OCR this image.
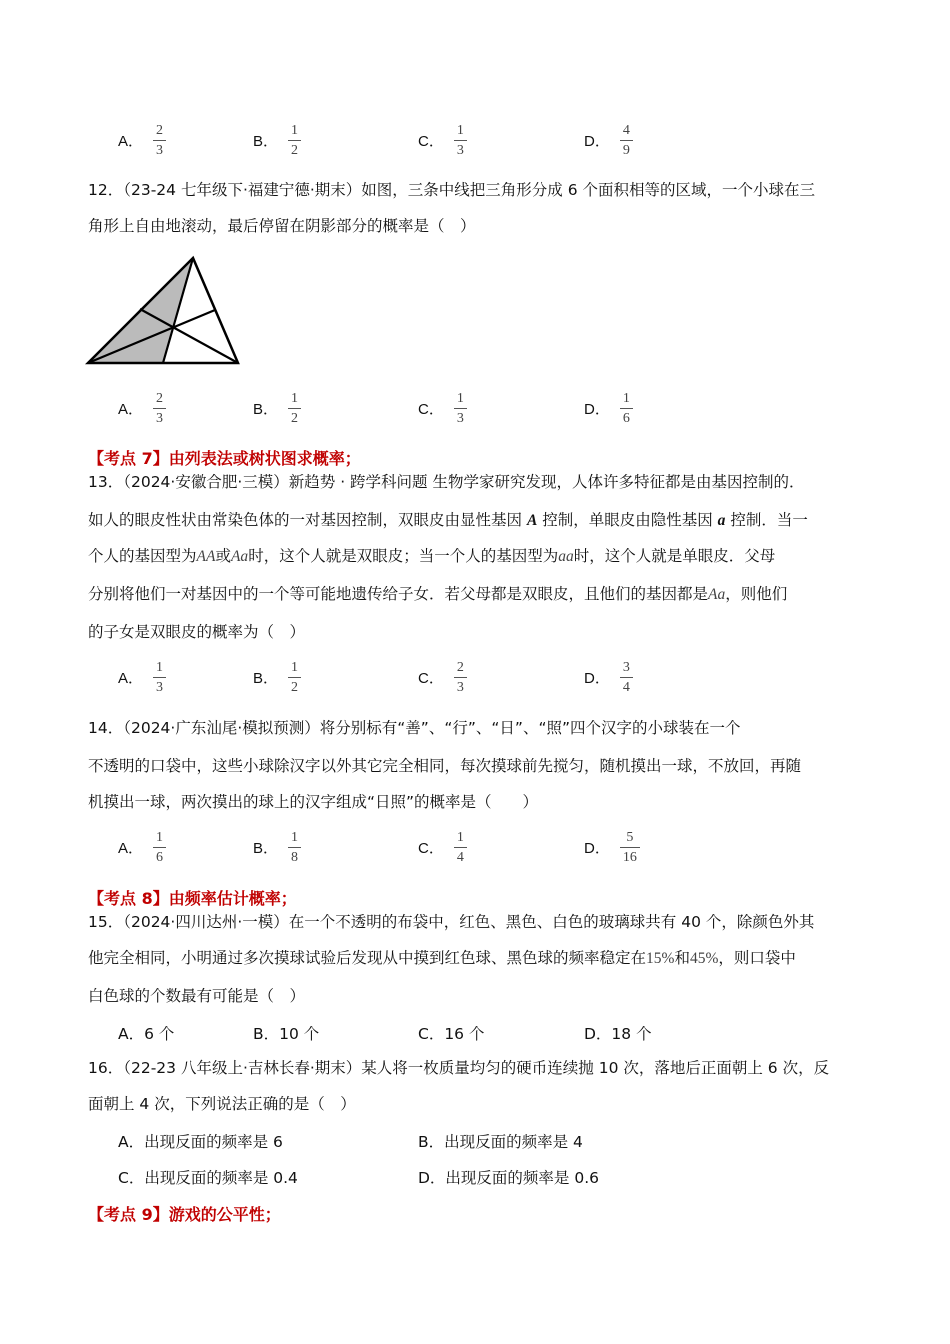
A． $\frac{2}{3}$	B． $\frac{1}{2}$	C． $\frac{1}{3}$	D． $\frac{4}{9}$
12．（23-24 七年级下·福建宁德·期末）如图，三条中线把三角形分成 6 个面积相等的区域，一个小球在三
角形上自由地滚动，最后停留在阴影部分的概率是（　）
A． $\frac{2}{3}$	B． $\frac{1}{2}$	C． $\frac{1}{3}$	D． $\frac{1}{6}$
【考点 7】由列表法或树状图求概率；
13．（2024·安徽合肥·三模）新趋势 · 跨学科问题 生物学家研究发现，人体许多特征都是由基因控制的．
如人的眼皮性状由常染色体的一对基因控制，双眼皮由显性基因 A 控制，单眼皮由隐性基因 a 控制．当一
个人的基因型为AA或Aa时，这个人就是双眼皮；当一个人的基因型为aa时，这个人就是单眼皮．父母
分别将他们一对基因中的一个等可能地遗传给子女．若父母都是双眼皮，且他们的基因都是Aa，则他们
的子女是双眼皮的概率为（　）
A． $\frac{1}{3}$	B． $\frac{1}{2}$	C． $\frac{2}{3}$	D． $\frac{3}{4}$
14．（2024·广东汕尾·模拟预测）将分别标有“善”、“行”、“日”、“照”四个汉字的小球装在一个
不透明的口袋中，这些小球除汉字以外其它完全相同，每次摸球前先搅匀，随机摸出一球，不放回，再随
机摸出一球，两次摸出的球上的汉字组成“日照”的概率是（　　）
A． $\frac{1}{6}$	B． $\frac{1}{8}$	C． $\frac{1}{4}$	D． $\frac{5}{16}$
【考点 8】由频率估计概率；
15．（2024·四川达州·一模）在一个不透明的布袋中，红色、黑色、白色的玻璃球共有 40 个，除颜色外其
他完全相同，小明通过多次摸球试验后发现从中摸到红色球、黑色球的频率稳定在15%和45%，则口袋中
白色球的个数最有可能是（　）
A．6 个	B．10 个	C．16 个	D．18 个
16．（22-23 八年级上·吉林长春·期末）某人将一枚质量均匀的硬币连续抛 10 次，落地后正面朝上 6 次，反
面朝上 4 次，下列说法正确的是（　）
A．出现反面的频率是 6	B．出现反面的频率是 4
C．出现反面的频率是 0.4	D．出现反面的频率是 0.6
【考点 9】游戏的公平性；
